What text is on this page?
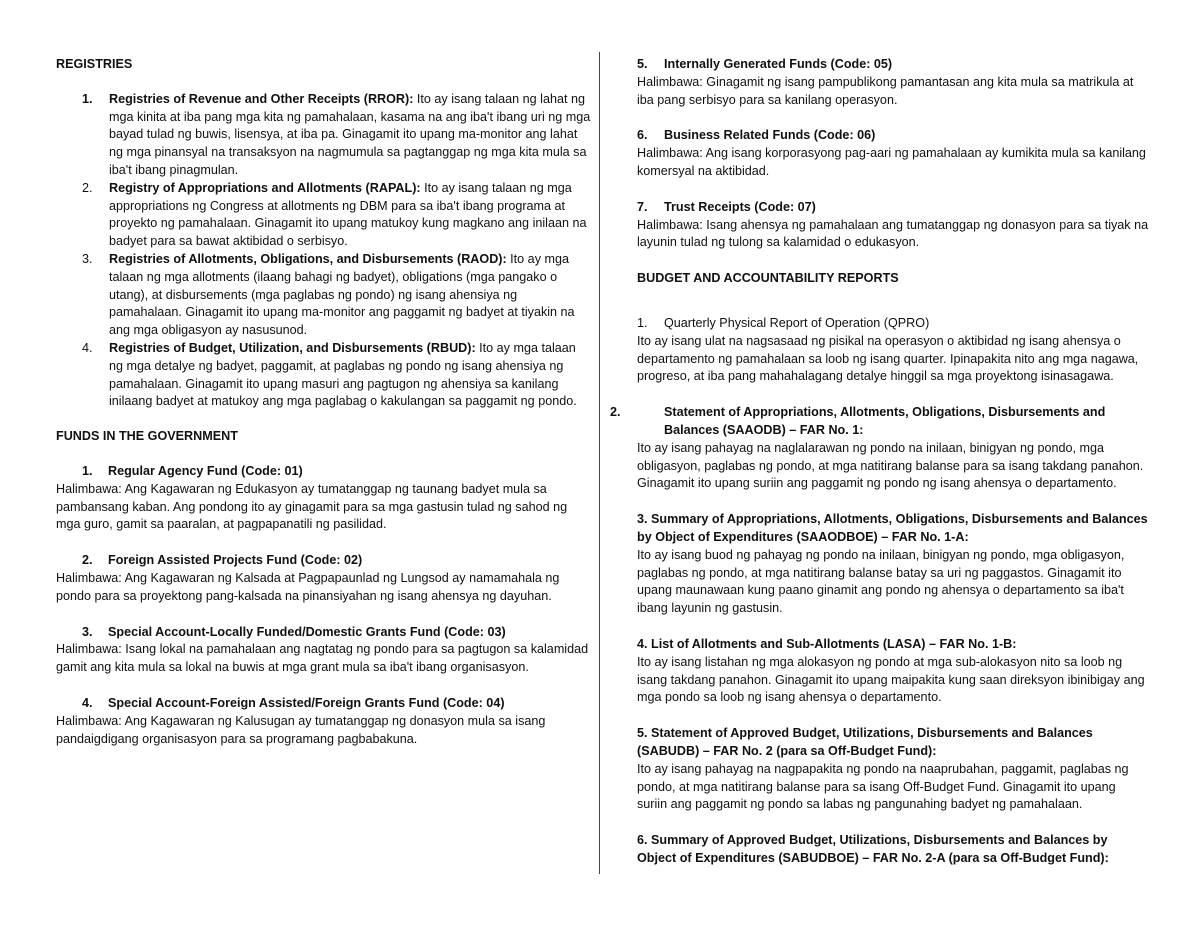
REGISTRIES

1. Registries of Revenue and Other Receipts (RROR): Ito ay isang talaan ng lahat ng mga kinita at iba pang mga kita ng pamahalaan, kasama na ang iba't ibang uri ng mga bayad tulad ng buwis, lisensya, at iba pa. Ginagamit ito upang ma-monitor ang lahat ng mga pinansyal na transaksyon na nagmumula sa pagtanggap ng mga kita mula sa iba't ibang pinagmulan.
2. Registry of Appropriations and Allotments (RAPAL): Ito ay isang talaan ng mga appropriations ng Congress at allotments ng DBM para sa iba't ibang programa at proyekto ng pamahalaan. Ginagamit ito upang matukoy kung magkano ang inilaan na badyet para sa bawat aktibidad o serbisyo.
3. Registries of Allotments, Obligations, and Disbursements (RAOD): Ito ay mga talaan ng mga allotments (ilaang bahagi ng badyet), obligations (mga pangako o utang), at disbursements (mga paglabas ng pondo) ng isang ahensiya ng pamahalaan. Ginagamit ito upang ma-monitor ang paggamit ng badyet at tiyakin na ang mga obligasyon ay nasusunod.
4. Registries of Budget, Utilization, and Disbursements (RBUD): Ito ay mga talaan ng mga detalye ng badyet, paggamit, at paglabas ng pondo ng isang ahensiya ng pamahalaan. Ginagamit ito upang masuri ang pagtugon ng ahensiya sa kanilang inilaang badyet at matukoy ang mga paglabag o kakulangan sa paggamit ng pondo.

FUNDS IN THE GOVERNMENT

1. Regular Agency Fund (Code: 01)

Halimbawa: Ang Kagawaran ng Edukasyon ay tumatanggap ng taunang badyet mula sa pambansang kaban. Ang pondong ito ay ginagamit para sa mga gastusin tulad ng sahod ng mga guro, gamit sa paaralan, at pagpapanatili ng pasilidad.

2. Foreign Assisted Projects Fund (Code: 02)

Halimbawa: Ang Kagawaran ng Kalsada at Pagpapaunlad ng Lungsod ay namamahala ng pondo para sa proyektong pang-kalsada na pinansiyahan ng isang ahensya ng dayuhan.

3. Special Account-Locally Funded/Domestic Grants Fund (Code: 03)

Halimbawa: Isang lokal na pamahalaan ang nagtatag ng pondo para sa pagtugon sa kalamidad gamit ang kita mula sa lokal na buwis at mga grant mula sa iba't ibang organisasyon.

4. Special Account-Foreign Assisted/Foreign Grants Fund (Code: 04)

Halimbawa: Ang Kagawaran ng Kalusugan ay tumatanggap ng donasyon mula sa isang pandaigdigang organisasyon para sa programang pagbabakuna.

5. Internally Generated Funds (Code: 05)

Halimbawa: Ginagamit ng isang pampublikong pamantasan ang kita mula sa matrikula at iba pang serbisyo para sa kanilang operasyon.

6. Business Related Funds (Code: 06)

Halimbawa: Ang isang korporasyong pag-aari ng pamahalaan ay kumikita mula sa kanilang komersyal na aktibidad.

7. Trust Receipts (Code: 07)

Halimbawa: Isang ahensya ng pamahalaan ang tumatanggap ng donasyon para sa tiyak na layunin tulad ng tulong sa kalamidad o edukasyon.

BUDGET AND ACCOUNTABILITY REPORTS

1. Quarterly Physical Report of Operation (QPRO)

Ito ay isang ulat na nagsasaad ng pisikal na operasyon o aktibidad ng isang ahensya o departamento ng pamahalaan sa loob ng isang quarter. Ipinapakita nito ang mga nagawa, progreso, at iba pang mahahalagang detalye hinggil sa mga proyektong isinasagawa.

2.	Statement of Appropriations, Allotments, Obligations, Disbursements and Balances (SAAODB) – FAR No. 1:

Ito ay isang pahayag na naglalarawan ng pondo na inilaan, binigyan ng pondo, mga obligasyon, paglabas ng pondo, at mga natitirang balanse para sa isang takdang panahon. Ginagamit ito upang suriin ang paggamit ng pondo ng isang ahensya o departamento.

3. Summary of Appropriations, Allotments, Obligations, Disbursements and Balances by Object of Expenditures (SAAODBOE) – FAR No. 1-A:

Ito ay isang buod ng pahayag ng pondo na inilaan, binigyan ng pondo, mga obligasyon, paglabas ng pondo, at mga natitirang balanse batay sa uri ng paggastos. Ginagamit ito upang maunawaan kung paano ginamit ang pondo ng ahensya o departamento sa iba't ibang layunin ng gastusin.

4. List of Allotments and Sub-Allotments (LASA) – FAR No. 1-B:

Ito ay isang listahan ng mga alokasyon ng pondo at mga sub-alokasyon nito sa loob ng isang takdang panahon. Ginagamit ito upang maipakita kung saan direksyon ibinibigay ang mga pondo sa loob ng isang ahensya o departamento.

5. Statement of Approved Budget, Utilizations, Disbursements and Balances (SABUDB) – FAR No. 2 (para sa Off-Budget Fund):

Ito ay isang pahayag na nagpapakita ng pondo na naaprubahan, paggamit, paglabas ng pondo, at mga natitirang balanse para sa isang Off-Budget Fund. Ginagamit ito upang suriin ang paggamit ng pondo sa labas ng pangunahing badyet ng pamahalaan.

6. Summary of Approved Budget, Utilizations, Disbursements and Balances by Object of Expenditures (SABUDBOE) – FAR No. 2-A (para sa Off-Budget Fund):
